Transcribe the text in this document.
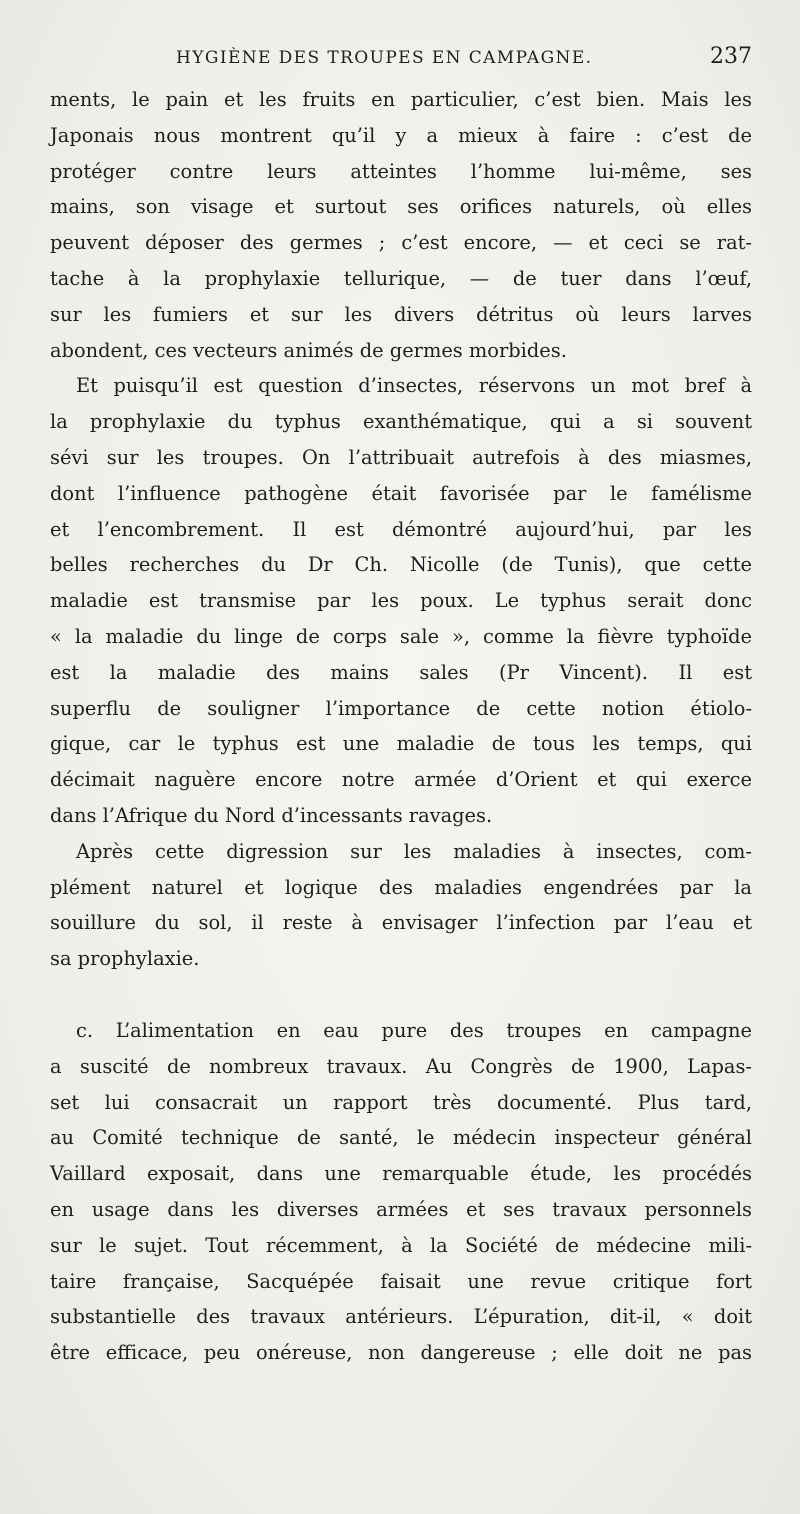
HYGIÈNE DES TROUPES EN CAMPAGNE.	237
ments, le pain et les fruits en particulier, c’est bien. Mais les
Japonais nous montrent qu’il y a mieux à faire : c’est de
protéger contre leurs atteintes l’homme lui-même, ses
mains, son visage et surtout ses orifices naturels, où elles
peuvent déposer des germes ; c’est encore, — et ceci se rat-
tache à la prophylaxie tellurique, — de tuer dans l’œuf,
sur les fumiers et sur les divers détritus où leurs larves
abondent, ces vecteurs animés de germes morbides.
Et puisqu’il est question d’insectes, réservons un mot bref à
la prophylaxie du typhus exanthématique, qui a si souvent
sévi sur les troupes. On l’attribuait autrefois à des miasmes,
dont l’influence pathogène était favorisée par le famélisme
et l’encombrement. Il est démontré aujourd’hui, par les
belles recherches du Dr Ch. Nicolle (de Tunis), que cette
maladie est transmise par les poux. Le typhus serait donc
« la maladie du linge de corps sale », comme la fièvre typhoïde
est la maladie des mains sales (Pr Vincent). Il est
superflu de souligner l’importance de cette notion étiolo-
gique, car le typhus est une maladie de tous les temps, qui
décimait naguère encore notre armée d’Orient et qui exerce
dans l’Afrique du Nord d’incessants ravages.
Après cette digression sur les maladies à insectes, com-
plément naturel et logique des maladies engendrées par la
souillure du sol, il reste à envisager l’infection par l’eau et
sa prophylaxie.
c. L’alimentation en eau pure des troupes en campagne
a suscité de nombreux travaux. Au Congrès de 1900, Lapas-
set lui consacrait un rapport très documenté. Plus tard,
au Comité technique de santé, le médecin inspecteur général
Vaillard exposait, dans une remarquable étude, les procédés
en usage dans les diverses armées et ses travaux personnels
sur le sujet. Tout récemment, à la Société de médecine mili-
taire française, Sacquépée faisait une revue critique fort
substantielle des travaux antérieurs. L’épuration, dit-il, « doit
être efficace, peu onéreuse, non dangereuse ; elle doit ne pas
